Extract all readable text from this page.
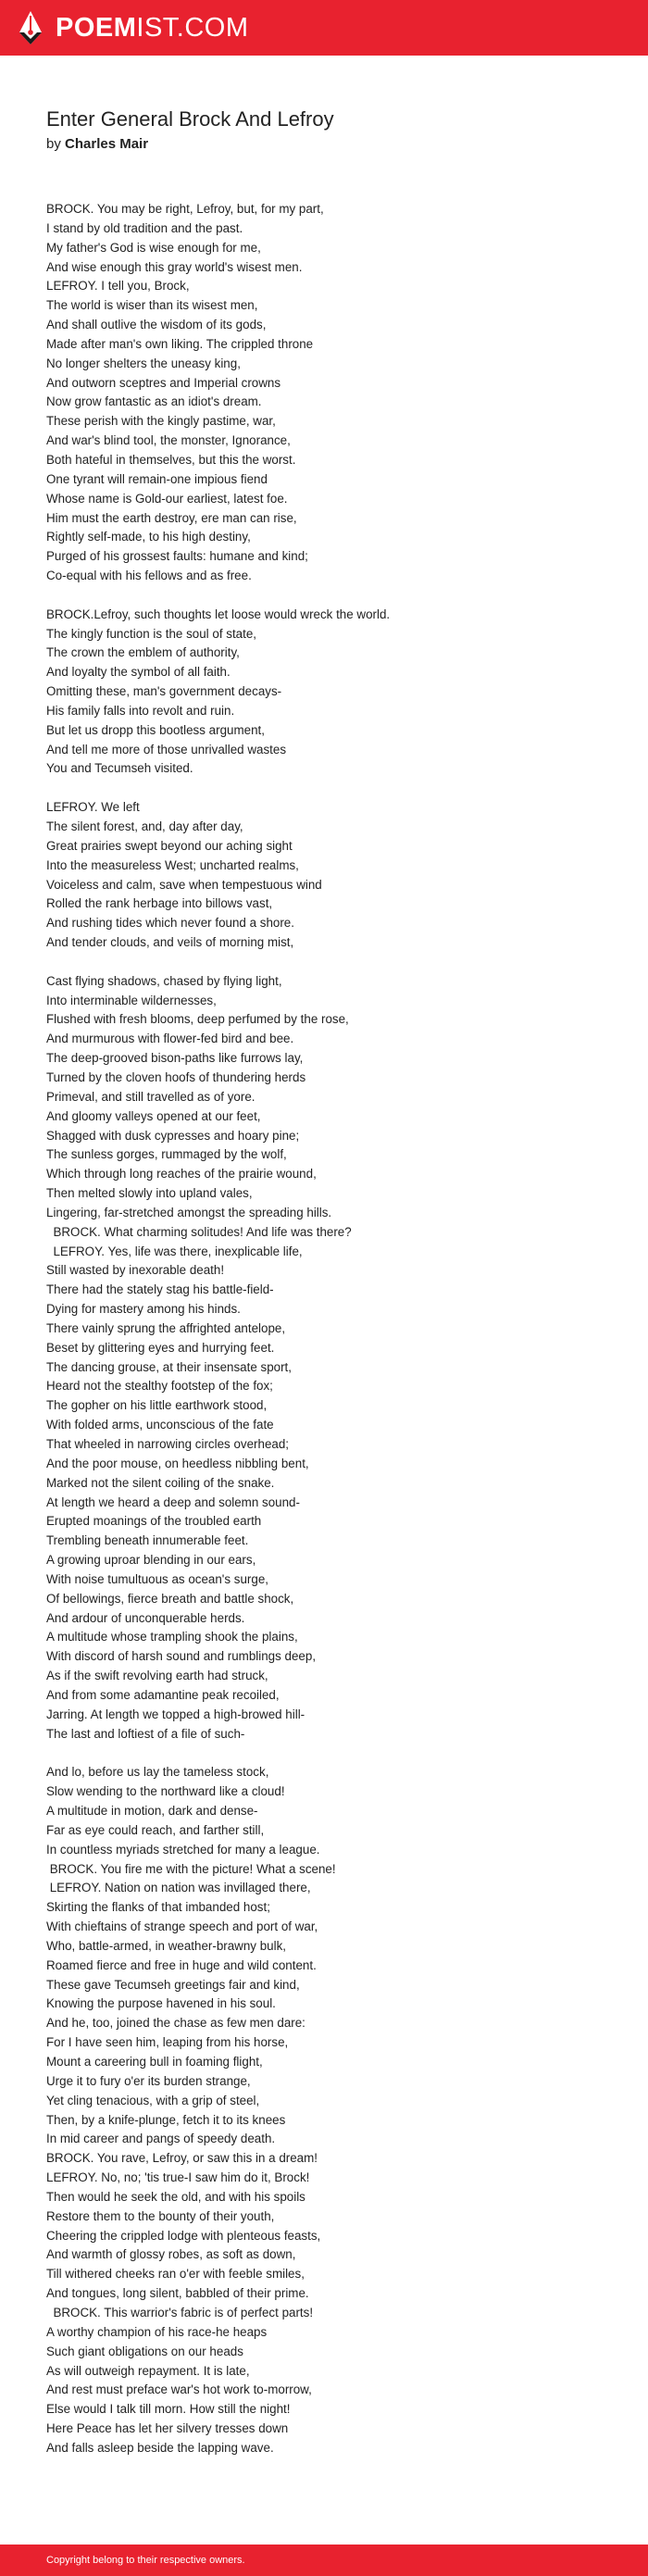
POEMIST.COM
Enter General Brock And Lefroy
by Charles Mair
BROCK. You may be right, Lefroy, but, for my part,
I stand by old tradition and the past.
My father's God is wise enough for me,
And wise enough this gray world's wisest men.
LEFROY. I tell you, Brock,
The world is wiser than its wisest men,
And shall outlive the wisdom of its gods,
Made after man's own liking. The crippled throne
No longer shelters the uneasy king,
And outworn sceptres and Imperial crowns
Now grow fantastic as an idiot's dream.
These perish with the kingly pastime, war,
And war's blind tool, the monster, Ignorance,
Both hateful in themselves, but this the worst.
One tyrant will remain-one impious fiend
Whose name is Gold-our earliest, latest foe.
Him must the earth destroy, ere man can rise,
Rightly self-made, to his high destiny,
Purged of his grossest faults: humane and kind;
Co-equal with his fellows and as free.
BROCK.Lefroy, such thoughts let loose would wreck the world.
The kingly function is the soul of state,
The crown the emblem of authority,
And loyalty the symbol of all faith.
Omitting these, man's government decays-
His family falls into revolt and ruin.
But let us dropp this bootless argument,
And tell me more of those unrivalled wastes
You and Tecumseh visited.
LEFROY. We left
The silent forest, and, day after day,
Great prairies swept beyond our aching sight
Into the measureless West; uncharted realms,
Voiceless and calm, save when tempestuous wind
Rolled the rank herbage into billows vast,
And rushing tides which never found a shore.
And tender clouds, and veils of morning mist,
Cast flying shadows, chased by flying light,
Into interminable wildernesses,
Flushed with fresh blooms, deep perfumed by the rose,
And murmurous with flower-fed bird and bee.
The deep-grooved bison-paths like furrows lay,
Turned by the cloven hoofs of thundering herds
Primeval, and still travelled as of yore.
And gloomy valleys opened at our feet,
Shagged with dusk cypresses and hoary pine;
The sunless gorges, rummaged by the wolf,
Which through long reaches of the prairie wound,
Then melted slowly into upland vales,
Lingering, far-stretched amongst the spreading hills.
BROCK. What charming solitudes! And life was there?
LEFROY. Yes, life was there, inexplicable life,
Still wasted by inexorable death!
There had the stately stag his battle-field-
Dying for mastery among his hinds.
There vainly sprung the affrighted antelope,
Beset by glittering eyes and hurrying feet.
The dancing grouse, at their insensate sport,
Heard not the stealthy footstep of the fox;
The gopher on his little earthwork stood,
With folded arms, unconscious of the fate
That wheeled in narrowing circles overhead;
And the poor mouse, on heedless nibbling bent,
Marked not the silent coiling of the snake.
At length we heard a deep and solemn sound-
Erupted moanings of the troubled earth
Trembling beneath innumerable feet.
A growing uproar blending in our ears,
With noise tumultuous as ocean's surge,
Of bellowings, fierce breath and battle shock,
And ardour of unconquerable herds.
A multitude whose trampling shook the plains,
With discord of harsh sound and rumblings deep,
As if the swift revolving earth had struck,
And from some adamantine peak recoiled,
Jarring. At length we topped a high-browed hill-
The last and loftiest of a file of such-
And lo, before us lay the tameless stock,
Slow wending to the northward like a cloud!
A multitude in motion, dark and dense-
Far as eye could reach, and farther still,
In countless myriads stretched for many a league.
BROCK. You fire me with the picture! What a scene!
LEFROY. Nation on nation was invillaged there,
Skirting the flanks of that imbanded host;
With chieftains of strange speech and port of war,
Who, battle-armed, in weather-brawny bulk,
Roamed fierce and free in huge and wild content.
These gave Tecumseh greetings fair and kind,
Knowing the purpose havened in his soul.
And he, too, joined the chase as few men dare:
For I have seen him, leaping from his horse,
Mount a careering bull in foaming flight,
Urge it to fury o'er its burden strange,
Yet cling tenacious, with a grip of steel,
Then, by a knife-plunge, fetch it to its knees
In mid career and pangs of speedy death.
BROCK. You rave, Lefroy, or saw this in a dream!
LEFROY. No, no; 'tis true-I saw him do it, Brock!
Then would he seek the old, and with his spoils
Restore them to the bounty of their youth,
Cheering the crippled lodge with plenteous feasts,
And warmth of glossy robes, as soft as down,
Till withered cheeks ran o'er with feeble smiles,
And tongues, long silent, babbled of their prime.
BROCK. This warrior's fabric is of perfect parts!
A worthy champion of his race-he heaps
Such giant obligations on our heads
As will outweigh repayment. It is late,
And rest must preface war's hot work to-morrow,
Else would I talk till morn. How still the night!
Here Peace has let her silvery tresses down
And falls asleep beside the lapping wave.
Copyright belong to their respective owners.
